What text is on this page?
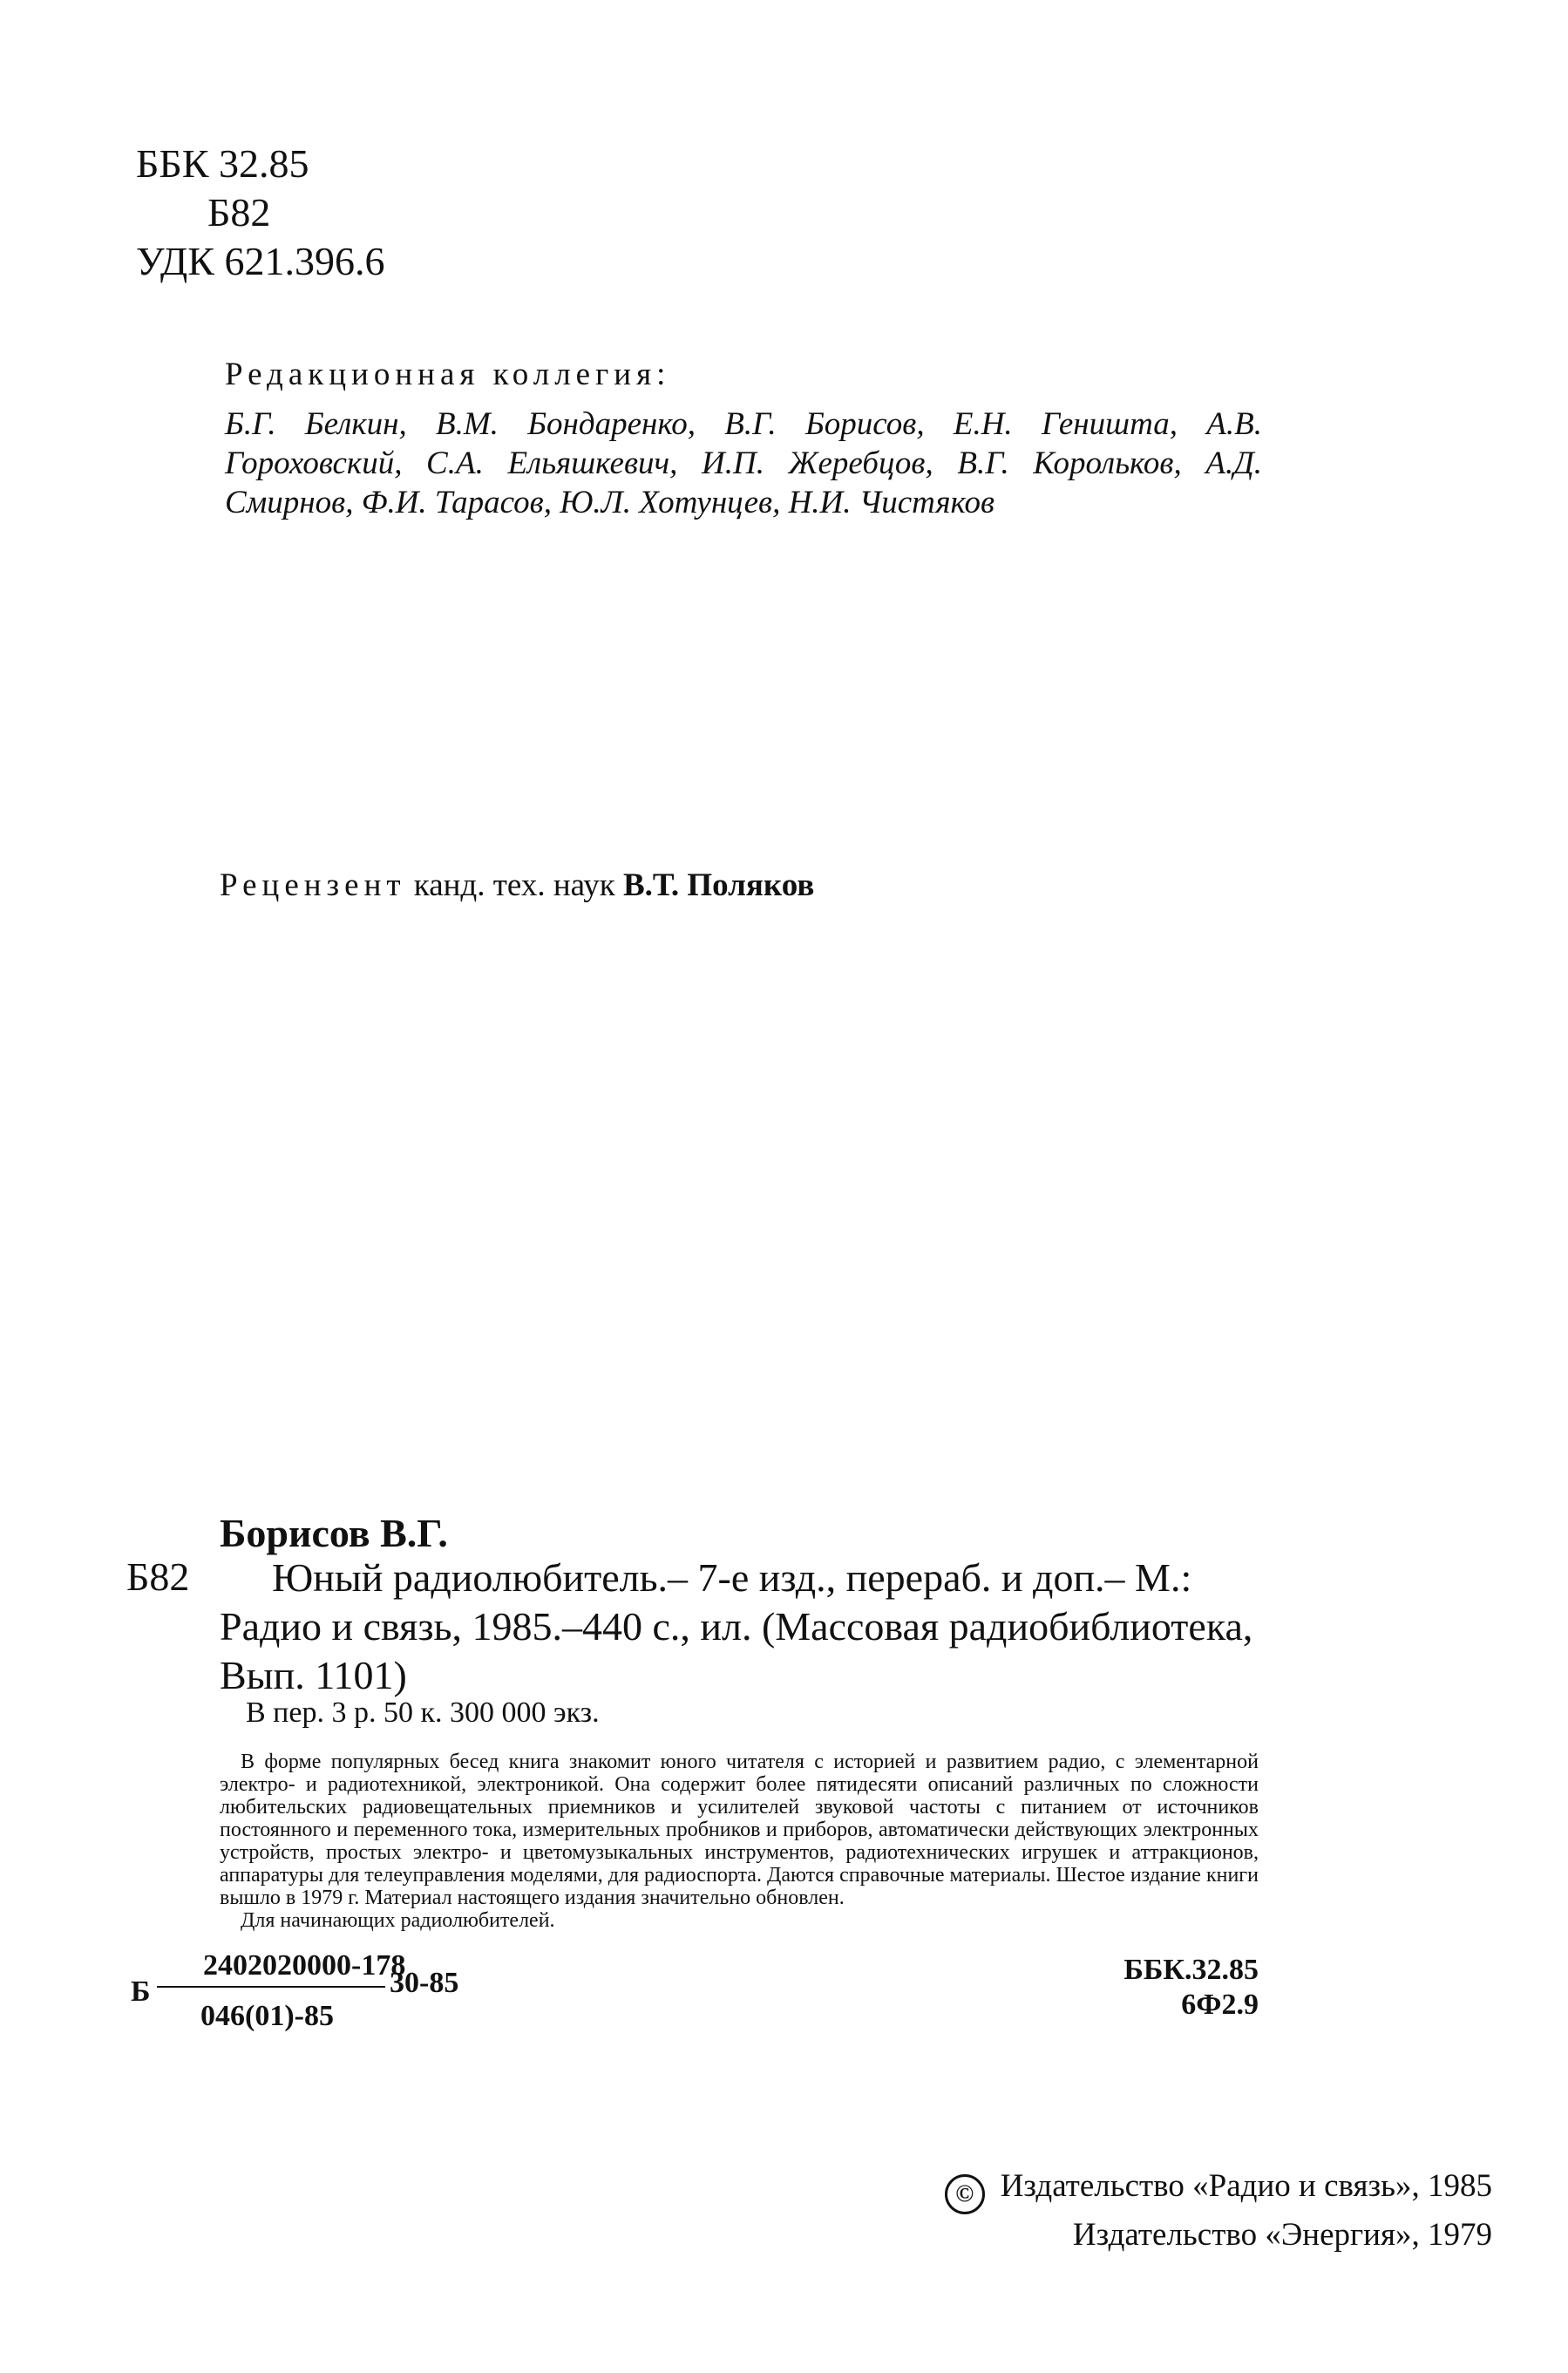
ББК 32.85
Б82
УДК 621.396.6
Редакционная коллегия:
Б.Г. Белкин, В.М. Бондаренко, В.Г. Борисов, Е.Н. Геништа, А.В. Гороховский, С.А. Ельяшкевич, И.П. Жеребцов, В.Г. Корольков, А.Д. Смирнов, Ф.И. Тарасов, Ю.Л. Хотунцев, Н.И. Чистяков
Рецензент канд. тех. наук В.Т. Поляков
Борисов В.Г.
Б82	Юный радиолюбитель.– 7-е изд., перераб. и доп.– М.:
Радио и связь, 1985.–440 с., ил. (Массовая радиобиблиотека, Вып. 1101)
В пер. 3 р. 50 к. 300 000 экз.
В форме популярных бесед книга знакомит юного читателя с историей и развитием радио, с элементарной электро- и радиотехникой, электроникой. Она содержит более пятидесяти описаний различных по сложности любительских радиовещательных приемников и усилителей звуковой частоты с питанием от источников постоянного и переменного тока, измерительных пробников и приборов, автоматически действующих электронных устройств, простых электро- и цветомузыкальных инструментов, радиотехнических игрушек и аттракционов, аппаратуры для телеуправления моделями, для радиоспорта. Даются справочные материалы. Шестое издание книги вышло в 1979 г. Материал настоящего издания значительно обновлен.
Для начинающих радиолюбителей.
Б
2402020000-178
046(01)-85
30-85	ББК.32.85
6Ф2.9
© Издательство «Радио и связь», 1985
Издательство «Энергия», 1979
